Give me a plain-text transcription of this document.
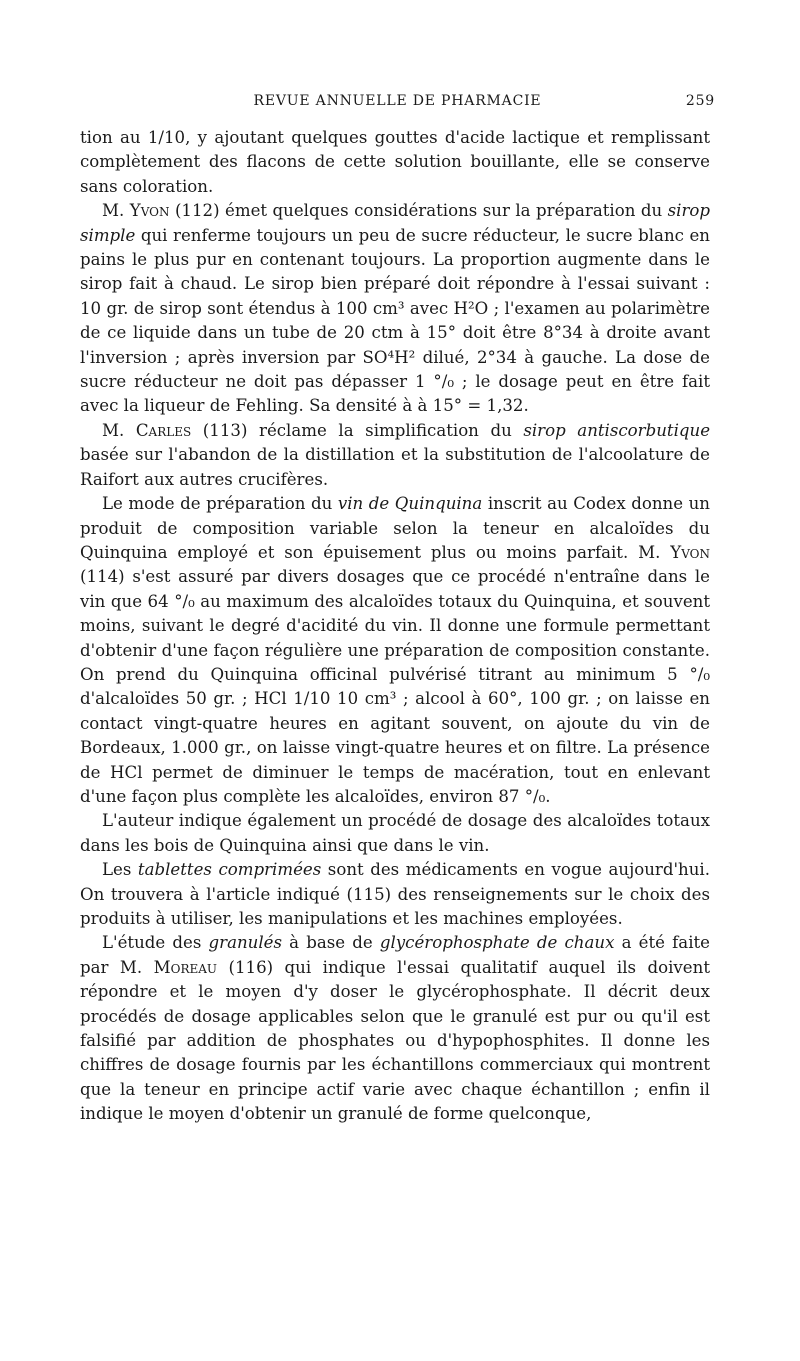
REVUE ANNUELLE DE PHARMACIE	259

tion au 1/10, y ajoutant quelques gouttes d'acide lactique et remplissant complètement des flacons de cette solution bouillante, elle se conserve sans coloration.

M. Yvon (112) émet quelques considérations sur la préparation du sirop simple qui renferme toujours un peu de sucre réducteur, le sucre blanc en pains le plus pur en contenant toujours. La proportion augmente dans le sirop fait à chaud. Le sirop bien préparé doit répondre à l'essai suivant : 10 gr. de sirop sont étendus à 100 cm³ avec H²O ; l'examen au polarimètre de ce liquide dans un tube de 20 ctm à 15° doit être 8°34 à droite avant l'inversion ; après inversion par SO⁴H² dilué, 2°34 à gauche. La dose de sucre réducteur ne doit pas dépasser 1 °/₀ ; le dosage peut en être fait avec la liqueur de Fehling. Sa densité à à 15° = 1,32.

M. Carles (113) réclame la simplification du sirop antiscorbutique basée sur l'abandon de la distillation et la substitution de l'alcoolature de Raifort aux autres crucifères.

Le mode de préparation du vin de Quinquina inscrit au Codex donne un produit de composition variable selon la teneur en alcaloïdes du Quinquina employé et son épuisement plus ou moins parfait. M. Yvon (114) s'est assuré par divers dosages que ce procédé n'entraîne dans le vin que 64 °/₀ au maximum des alcaloïdes totaux du Quinquina, et souvent moins, suivant le degré d'acidité du vin. Il donne une formule permettant d'obtenir d'une façon régulière une préparation de composition constante. On prend du Quinquina officinal pulvérisé titrant au minimum 5 °/₀ d'alcaloïdes 50 gr. ; HCl 1/10 10 cm³ ; alcool à 60°, 100 gr. ; on laisse en contact vingt-quatre heures en agitant souvent, on ajoute du vin de Bordeaux, 1.000 gr., on laisse vingt-quatre heures et on filtre. La présence de HCl permet de diminuer le temps de macération, tout en enlevant d'une façon plus complète les alcaloïdes, environ 87 °/₀.

L'auteur indique également un procédé de dosage des alcaloïdes totaux dans les bois de Quinquina ainsi que dans le vin.

Les tablettes comprimées sont des médicaments en vogue aujourd'hui. On trouvera à l'article indiqué (115) des renseignements sur le choix des produits à utiliser, les manipulations et les machines employées.

L'étude des granulés à base de glycérophosphate de chaux a été faite par M. Moreau (116) qui indique l'essai qualitatif auquel ils doivent répondre et le moyen d'y doser le glycérophosphate. Il décrit deux procédés de dosage applicables selon que le granulé est pur ou qu'il est falsifié par addition de phosphates ou d'hypophosphites. Il donne les chiffres de dosage fournis par les échantillons commerciaux qui montrent que la teneur en principe actif varie avec chaque échantillon ; enfin il indique le moyen d'obtenir un granulé de forme quelconque,
